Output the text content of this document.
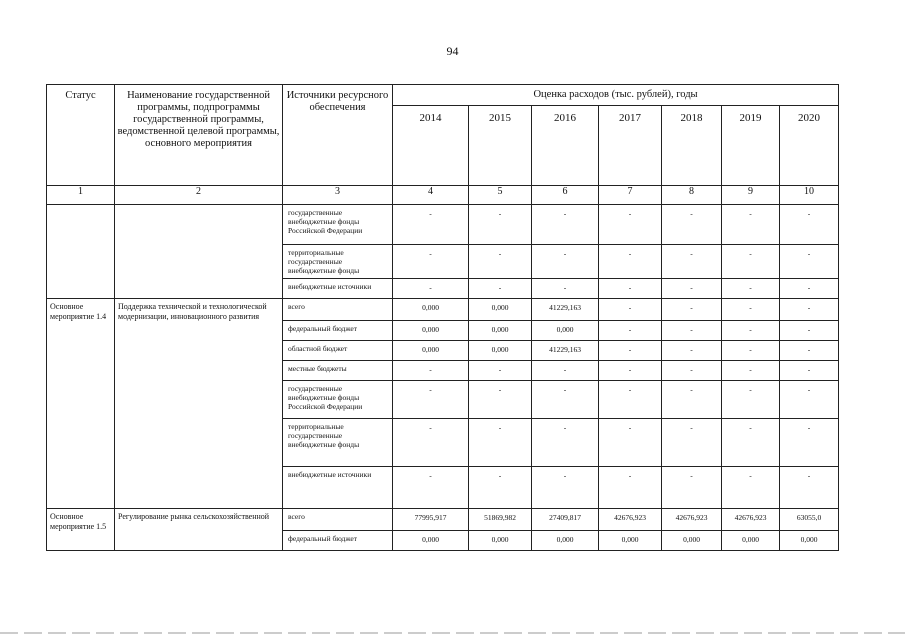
94
Статус	Наименование государственной программы, подпрограммы государственной программы, ведомственной целевой программы, основного мероприятия	Источники ресурсного обеспечения	Оценка расходов (тыс. рублей), годы						
			2014	2015	2016	2017	2018	2019	2020
1	2	3	4	5	6	7	8	9	10
		государственные внебюджетные фонды Российской Федерации	-	-	-	-	-	-	-
		территориальные государственные внебюджетные фонды	-	-	-	-	-	-	-
		внебюджетные источники	-	-	-	-	-	-	-
Основное мероприятие 1.4	Поддержка технической и технологической модернизации, инновационного развития	всего	0,000	0,000	41229,163	-	-	-	-
		федеральный бюджет	0,000	0,000	0,000	-	-	-	-
		областной бюджет	0,000	0,000	41229,163	-	-	-	-
		местные бюджеты	-	-	-	-	-	-	-
		государственные внебюджетные фонды Российской Федерации	-	-	-	-	-	-	-
		территориальные государственные внебюджетные фонды	-	-	-	-	-	-	-
		внебюджетные источники	-	-	-	-	-	-	-
Основное мероприятие 1.5	Регулирование рынка сельскохозяйственной	всего	77995,917	51869,982	27409,817	42676,923	42676,923	42676,923	63055,0
		федеральный бюджет	0,000	0,000	0,000	0,000	0,000	0,000	0,000
